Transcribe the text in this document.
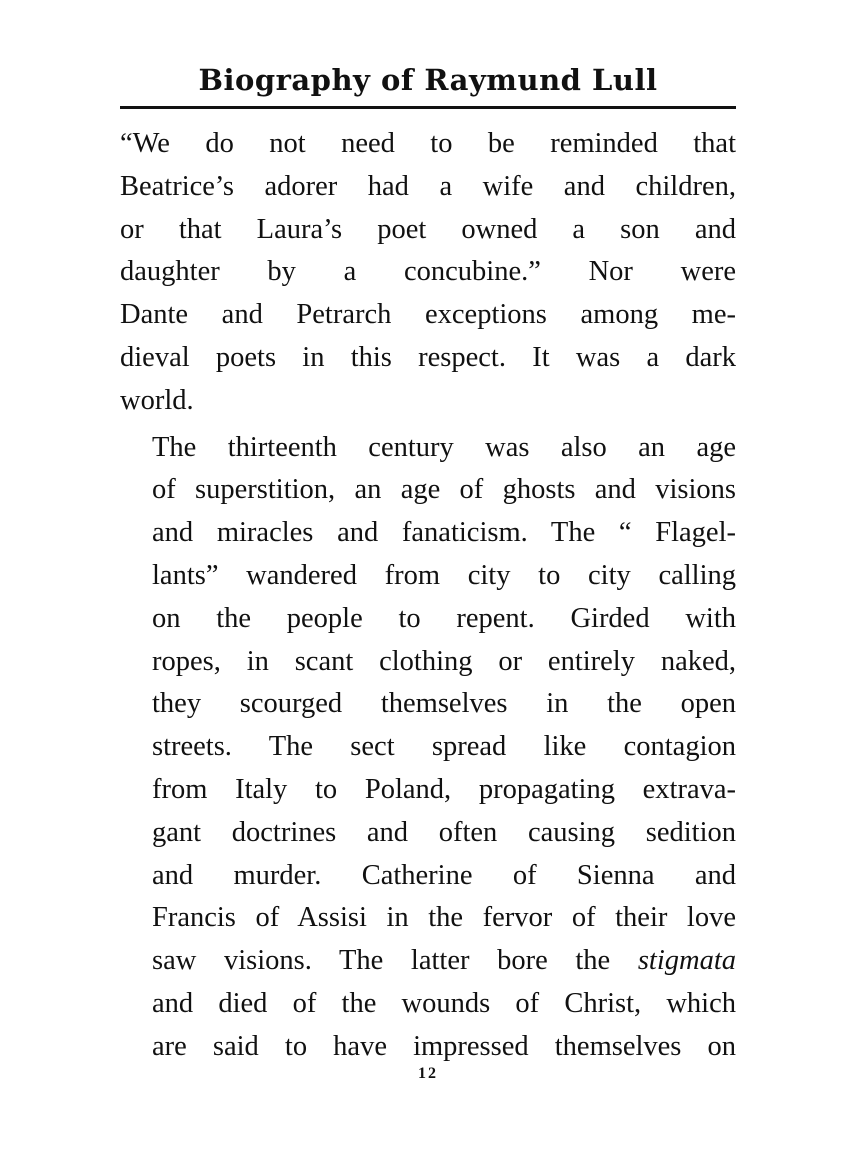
Biography of Raymund Lull

“We do not need to be reminded that
Beatrice’s adorer had a wife and children,
or that Laura’s poet owned a son and
daughter by a concubine.” Nor were
Dante and Petrarch exceptions among me-
dieval poets in this respect. It was a dark
world.

The thirteenth century was also an age
of superstition, an age of ghosts and visions
and miracles and fanaticism. The “ Flagel-
lants” wandered from city to city calling
on the people to repent. Girded with
ropes, in scant clothing or entirely naked,
they scourged themselves in the open
streets. The sect spread like contagion
from Italy to Poland, propagating extrava-
gant doctrines and often causing sedition
and murder. Catherine of Sienna and
Francis of Assisi in the fervor of their love
saw visions. The latter bore the stigmata
and died of the wounds of Christ, which
are said to have impressed themselves on

12
